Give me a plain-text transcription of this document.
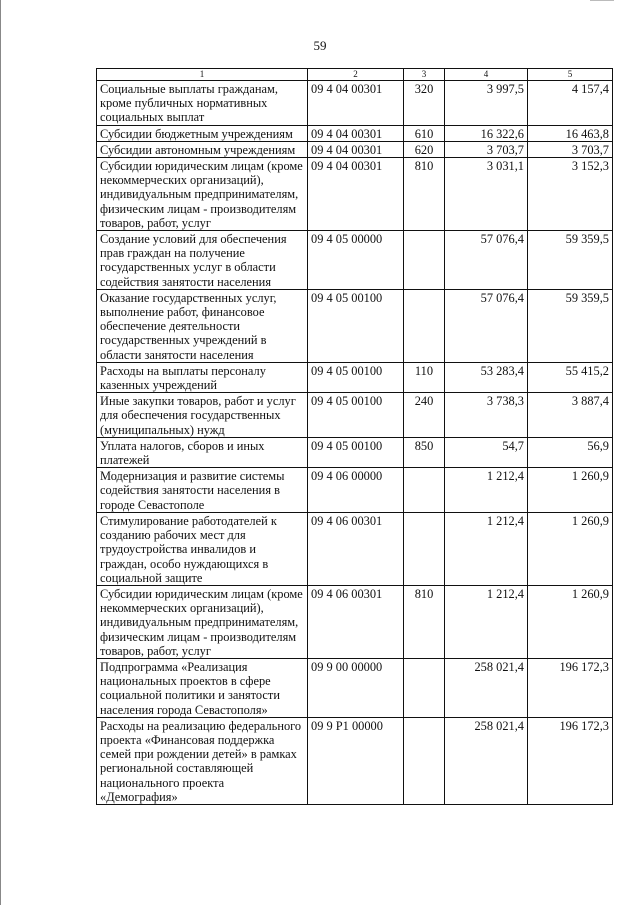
59
1	2	3	4	5
Социальные выплаты гражданам, кроме публичных нормативных социальных выплат	09 4 04 00301	320	3 997,5	4 157,4
Субсидии бюджетным учреждениям	09 4 04 00301	610	16 322,6	16 463,8
Субсидии автономным учреждениям	09 4 04 00301	620	3 703,7	3 703,7
Субсидии юридическим лицам (кроме некоммерческих организаций), индивидуальным предпринимателям, физическим лицам - производителям товаров, работ, услуг	09 4 04 00301	810	3 031,1	3 152,3
Создание условий для обеспечения прав граждан на получение государственных услуг в области содействия занятости населения	09 4 05 00000		57 076,4	59 359,5
Оказание государственных услуг, выполнение работ, финансовое обеспечение деятельности государственных учреждений в области занятости населения	09 4 05 00100		57 076,4	59 359,5
Расходы на выплаты персоналу казенных учреждений	09 4 05 00100	110	53 283,4	55 415,2
Иные закупки товаров, работ и услуг для обеспечения государственных (муниципальных) нужд	09 4 05 00100	240	3 738,3	3 887,4
Уплата налогов, сборов и иных платежей	09 4 05 00100	850	54,7	56,9
Модернизация и развитие системы содействия занятости населения в городе Севастополе	09 4 06 00000		1 212,4	1 260,9
Стимулирование работодателей к созданию рабочих мест для трудоустройства инвалидов и граждан, особо нуждающихся в социальной защите	09 4 06 00301		1 212,4	1 260,9
Субсидии юридическим лицам (кроме некоммерческих организаций), индивидуальным предпринимателям, физическим лицам - производителям товаров, работ, услуг	09 4 06 00301	810	1 212,4	1 260,9
Подпрограмма «Реализация национальных проектов в сфере социальной политики и занятости населения города Севастополя»	09 9 00 00000		258 021,4	196 172,3
Расходы на реализацию федерального проекта «Финансовая поддержка семей при рождении детей» в рамках региональной составляющей национального проекта «Демография»	09 9 P1 00000		258 021,4	196 172,3
